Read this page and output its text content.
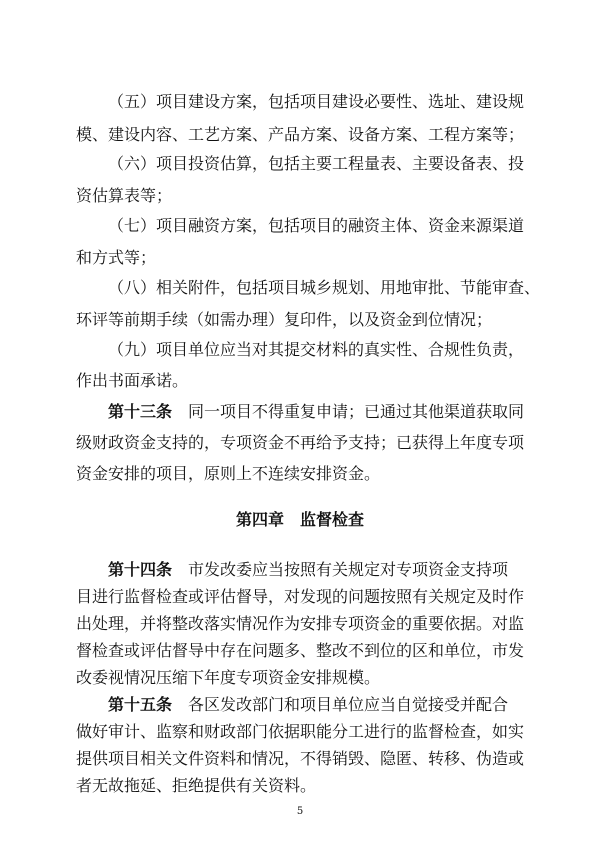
（五）项目建设方案，包括项目建设必要性、选址、建设规
模、建设内容、工艺方案、产品方案、设备方案、工程方案等；
（六）项目投资估算，包括主要工程量表、主要设备表、投
资估算表等；
（七）项目融资方案，包括项目的融资主体、资金来源渠道
和方式等；
（八）相关附件，包括项目城乡规划、用地审批、节能审查、
环评等前期手续（如需办理）复印件，以及资金到位情况；
（九）项目单位应当对其提交材料的真实性、合规性负责，
作出书面承诺。
第十三条　 同一项目不得重复申请；已通过其他渠道获取同
级财政资金支持的，专项资金不再给予支持；已获得上年度专项
资金安排的项目，原则上不连续安排资金。
第四章　监督检查
第十四条　 市发改委应当按照有关规定对专项资金支持项
目进行监督检查或评估督导，对发现的问题按照有关规定及时作
出处理，并将整改落实情况作为安排专项资金的重要依据。对监
督检查或评估督导中存在问题多、整改不到位的区和单位，市发
改委视情况压缩下年度专项资金安排规模。
第十五条　 各区发改部门和项目单位应当自觉接受并配合
做好审计、监察和财政部门依据职能分工进行的监督检查，如实
5
提供项目相关文件资料和情况，不得销毁、隐匿、转移、伪造或
者无故拖延、拒绝提供有关资料。
